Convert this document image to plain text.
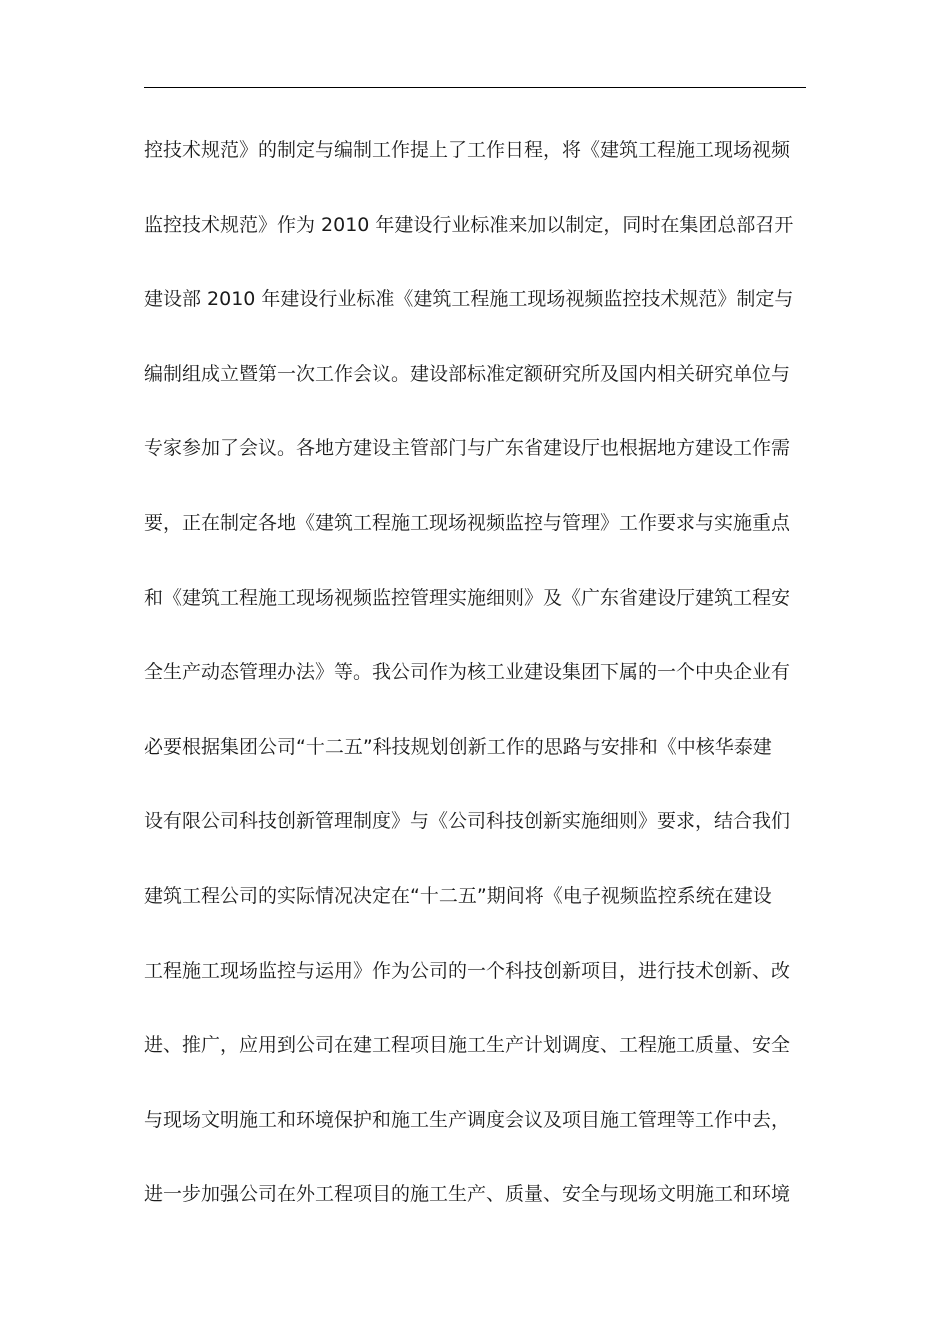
控技术规范》的制定与编制工作提上了工作日程，将《建筑工程施工现场视频
监控技术规范》作为 2010 年建设行业标准来加以制定，同时在集团总部召开
建设部 2010 年建设行业标准《建筑工程施工现场视频监控技术规范》制定与
编制组成立暨第一次工作会议。建设部标准定额研究所及国内相关研究单位与
专家参加了会议。各地方建设主管部门与广东省建设厅也根据地方建设工作需
要，正在制定各地《建筑工程施工现场视频监控与管理》工作要求与实施重点
和《建筑工程施工现场视频监控管理实施细则》及《广东省建设厅建筑工程安
全生产动态管理办法》等。我公司作为核工业建设集团下属的一个中央企业有
必要根据集团公司“十二五”科技规划创新工作的思路与安排和《中核华泰建
设有限公司科技创新管理制度》与《公司科技创新实施细则》要求，结合我们
建筑工程公司的实际情况决定在“十二五”期间将《电子视频监控系统在建设
工程施工现场监控与运用》作为公司的一个科技创新项目，进行技术创新、改
进、推广，应用到公司在建工程项目施工生产计划调度、工程施工质量、安全
与现场文明施工和环境保护和施工生产调度会议及项目施工管理等工作中去，
进一步加强公司在外工程项目的施工生产、质量、安全与现场文明施工和环境
